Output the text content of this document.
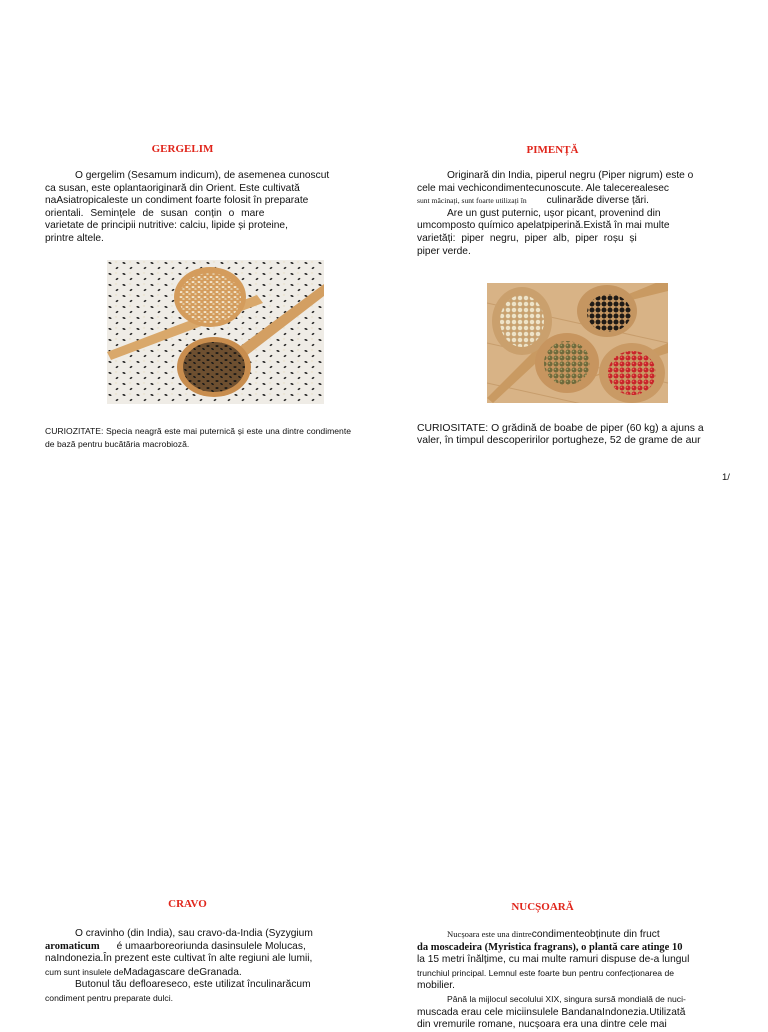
GERGELIM

O gergelim (Sesamum indicum), de asemenea cunoscut

ca susan, este oplantaoriginară din Orient. Este cultivată

naAsiatropicaleste un condiment foarte folosit în preparate

orientali. Semințele de susan conțin o mare

varietate de principii nutritive: calciu, lipide și proteine,

printre altele.

CURIOZITATE: Specia neagră este mai puternică și este una dintre condimente de bază pentru bucătăria macrobioză.

PIMENȚĂ

Originară din India, piperul negru (Piper nigrum) este o

cele mai vechicondimentecunoscute. Ale talecerealesec

sunt măcinați, sunt foarte utilizați în culinarăde diverse țări.

Are un gust puternic, ușor picant, provenind din

umcomposto químico apelatpiperină.Există în mai multe

varietăți: piper negru, piper alb, piper roșu și

piper verde.

CURIOSITATE: O grădină de boabe de piper (60 kg) a ajuns a valer, în timpul descoperirilor portugheze, 52 de grame de aur

1/
CRAVO

O cravinho (din India), sau cravo-da-India (Syzygium

aromaticum é umaarboreoriunda dasinsulele Molucas,

naIndonezia.În prezent este cultivat în alte regiuni ale lumii,

cum sunt insulele deMadagascare deGranada.

Butonul tău defloareseco, este utilizat înculinarăcum

condiment pentru preparate dulci.

NUCȘOARĂ

Nucșoara este una dintrecondimenteobținute din fruct

da moscadeira (Myristica fragrans), o plantă care atinge 10

la 15 metri înălțime, cu mai multe ramuri dispuse de-a lungul

trunchiul principal. Lemnul este foarte bun pentru confecționarea de

mobilier.

Până la mijlocul secolului XIX, singura sursă mondială de nuci-

muscada erau cele miciinsulele BandanaIndonezia.Utilizată

din vremurile romane, nucșoara era una dintre cele mai
